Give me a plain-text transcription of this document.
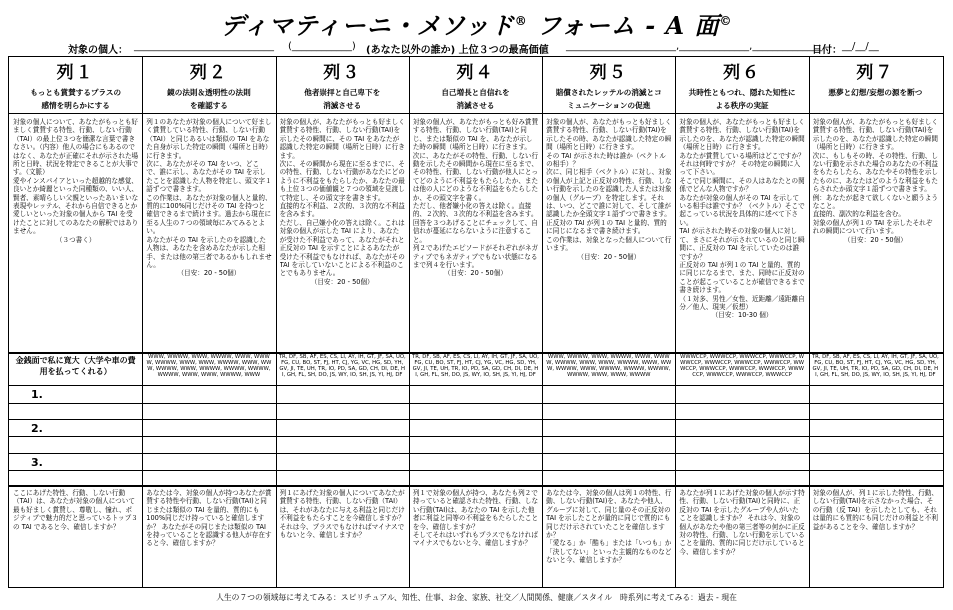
ディマティーニ・メソッド® フォーム - A 面©
対象の個人： ____________________________ (____________) (あなた以外の誰か) 上位３つの最高価値 ______________________,______________,______________
日付： __/__/__
列１
もっとも賞賛するプラスの
感情を明らかにする
対象の個人について、あなたがもっとも好ましく賞賛する特性、行動、しない行動（TAI）の最上位３つを簡潔な言葉で書きなさい。（内容）他人の場合にもあるのではなく、あなたが正確にそれが示された場所と日時、状況を特定できることが大事です。（文脈）
愛やインスパイアといった超越的な感覚、良いとか綺麗といった同種類の、いい人、賢者、素晴らしい父親といったあいまいな表現やレッテル、それから自信できるとか愛しいといった対象の個人から TAI を受けたことに対してのあなたの解釈ではありません。
（３つ書く）
ここにあげた特性、行動、しない行動（TAI）は、あなたが対象の個人について最も好ましく賞賛し、尊敬し、憧れ、ポジティブで魅力的だと思っているトップ３の TAI であると今、確信しますか？
列２
鏡の法則＆透明性の法則
を確認する
列１のあなたが対象の個人について好ましく賞賛している特性、行動、しない行動（TAI）と同じあるいは類似の TAI をあなた自身が示した特定の瞬間（場所と日時）に行きます。
次に、あなたがその TAI をいつ、どこで、誰に示し、あなたがその TAI を示したことを認識した人物を特定し、頭文字１語ずつで書きます。
この作業は、あなたが対象の個人と量的、質的に100%同じだけその TAI を持つと確信できるまで続けます。過去から現在に至る人生の７つの領域毎にみてみるとよい。
あなたがその TAI を示したのを認識した人物は、あなたを含めあなたが示した相手、または他の第三者であるかもしれません。
（目安：20 - 50個）
あなたは今、対象の個人が持つあなたが賞賛する特性や行動、しない行動(TAI)と同じまたは類似の TAI を量的、質的にも 100%同じだけ持っていると確信しますか？ あなたがその同じまたは類似の TAI を持っていることを認識する他人が存在すると今、確信しますか？
列３
他者崇拝と自己卑下を
消滅させる
対象の個人が、あなたがもっとも好ましく賞賛する特性、行動、しない行動(TAI)を示したその瞬間に、その TAI をあなたが認識した特定の瞬間（場所と日時）に行きます。
次に、その瞬間から現在に至るまでに、その特性、行動、しない行動があなたにどのように不利益をもたらしたか、あなたの最も上位３つの価値観と７つの領域を見渡して特定し、その頭文字を書きます。
直接的な不利益、２次的、３次的な不利益を含みます。
ただし、自己嫌小化の答えは除く。これは対象の個人が示した TAI により、あなたが受けた不利益であって、あなたがそれと正反対の TAI を示すことによるあなたが受けた不利益でもなければ、あなたがその TAI を示していないことによる不利益のことでもありません。
（目安：20 - 50個）
列１にあげた対象の個人についてあなたが賞賛する特性、行動、しない行動（TAI）は、それがあなたに与える利益と同じだけ不利益をもたらすことを今確信しますか？
それは今、プラスでもなければマイナスでもないと今、確信しますか？
列４
自己増長と自信れを
消滅させる
対象の個人が、あなたがもっとも好み賞賛する特性、行動、しない行動(TAI)と同じ、または類似の TAI を、あなたが示した時の瞬間（場所と日時）に行きます。
次に、あなたがその特性、行動、しない行動を示したその瞬間から現在に至るまで、その特性、行動、しない行動が他人にとってどのように不利益をもたらしたか、または他の人にどのような不利益をもたらしたか、その頭文字を書く。
ただし、他者嫌小化の答えは除く。直接的、２次的、３次的な不利益を含みます。
回答を３つあげることにチェックして、自信れが蔓延にならないように注意すること。
列２であげたエピソードがそれぞれがネガティブでもネガティブでもない状態になるまで列４を行います。
（目安：20 - 50個）
列１で対象の個人が持つ、あなたも列２で持っていると確認された特性、行動、しない行動(TAI)は、あなたの TAI を示した他者に利益と同等の不利益をもたらしたことを今、確信しますか？
そしてそれはいずれもプラスでもなければマイナスでもないと今、確信しますか？
列５
賠償されたレッテルの消滅とコ
ミュニケーションの促進
対象の個人が、あなたがもっとも好ましく賞賛する特性、行動、しない行動(TAI)を示したその時、あなたが認識した特定の瞬間（場所と日時）に行きます。
その TAI が示された時は誰か（ベクトルの相手）？
次に、同じ相手（ベクトル）に対し、対象の個人が上記と正反対の特性、行動、しない行動を示したのを認識した人または対象の個人（グループ）を特定します。それは、いつ、どこで誰に対して、そして誰が認識したか全頭文字１語ずつで書きます。正反対の TAI が列１の TAI と量的、質的に同じになるまで書き続けます。
この作業は、対象となった個人について行います。
（目安：20 - 50個）
あなたは今、対象の個人は列１の特性、行動、しない行動(TAI)を、あなたや他人、グループに対して、同じ量のその正反対の TAI を示したことが量的に同じで質的にも同じだけ示されていたことを確信しますか？
「愛なる」か「酷も」または「いつも」か「決してない」といった主観的なものなどないと今、確信しますか？
列６
共時性ともつれ、隠れた知性に
よる秩序の実証
対象の個人が、あなたがもっとも好ましく賞賛する特性、行動、しない行動(TAI)を示したのを、あなたが認識した特定の瞬間（場所と日時）に行きます。
あなたが賞賛している場所はどこですか？ それは何時ですか？ その特定の瞬間に入って下さい。
そこで同じ瞬間に、その人はあなたとの関係でどんな人物ですか？
あなたが対象の個人がその TAI を示している相手は誰ですか？（ベクトル）そこで起こっている状況を具体的に述べて下さい。
TAI が示された時その対象の個人に対して、まさにそれが示されているのと同じ瞬間に、正反対の TAI を示していたのは誰ですか？
正反対の TAI が列１の TAI と量的、質的に同じになるまで、また、同時に正反対のことが起こっていることが確信できるまで書き続けます。
（１対多、男性／女性、近距離／遠距離自分／他人、現実／仮想）
（目安：10-30 個）
あなたが列１にあげた対象の個人が示す特性、行動、しない行動(TAI)と同時に、正反対の TAI を示したグループや人がいたことを認識しますか？ それは今、対象の個人があなたや他の第三者等の何かに正反対の特性、行動、しない行動を示していることを量的、質的に同じだけ示していると今、確信しますか？
列７
悪夢と幻想/妄想の源を断つ
対象の個人が、あなたがもっとも好ましく賞賛する特性、行動、しない行動(TAI)を示したのを、あなたが認識した特定の瞬間（場所と日時）に行きます。
次に、もしもその時、その特性、行動、しない行動を示された場合のあなたの不利益をもたらしたら、あなたやその特性を示したものに、あなたはどのような利益をもたらされたか頭文字１語ずつで書きます。
例：あなたが起きて欲しくないと願うようなこと。
直接的、副次的な利益を含む。
対象の個人が列１の TAI を示したそれぞれの瞬間について行います。
（目安：20 - 50個）
対象の個人が、列１に示した特性、行動、しない行動(TAI)を示さなかった場合、その行動（反 TAI）を示したとしても、それは量的にも質的にも同じだけの利益と不利益があることを今、確信しますか？
金銭面で私に寛大（大学や車の費用を払ってくれる）
WWW, WWWW, WWW, WWWW, WWW, WWWW, WWWW, WWW, WWW, WWWW, WWW, WWW, WWWW, WWW, WWWW, WWWW, WWWW, WWWW, WWW, WWW, WWWW, WWW
TR, DF, SB, AF, ES, CS, LI, AY, IH, GT, JF, SA, UO, FG, CU, BO, ST, FJ, HT, CJ, YG, VC, HG, SD, YH, GV, JI, TE, UH, TR, IO, PD, SA, GD, CH, DI, DE, HI, GH, FL, SH, DO, JS, WY, IO, SH, JS, YI, HJ, DF
TR, DF, SB, AF, ES, CS, LI, AY, IH, GT, JF, SA, UO, FG, CU, BO, ST, FJ, HT, CJ, YG, VC, HG, SD, YH, GV, JI, TE, UH, TR, IO, PD, SA, GD, CH, DI, DE, HI, GH, FL, SH, DO, JS, WY, IO, SH, JS, YI, HJ, DF
WWW, WWWW, WWW, WWWW, WWW, WWWW, WWWW, WWW, WWW, WWWW, WWW, WWW, WWWW, WWW, WWWW, WWWW, WWWW, WWWW, WWW, WWW, WWWW
WWWCCP, WWWCCP, WWWCCP, WWWCCP, WWWCCP, WWWCCP, WWWCCP, WWWCCP, WWWCCP, WWWCCP, WWWCCP, WWWCCP, WWWCCP, WWWCCP, WWWCCP, WWWCCP
TR, DF, SB, AF, ES, CS, LI, AY, IH, GT, JF, SA, UO, FG, CU, BO, ST, FJ, HT, CJ, YG, VC, HG, SD, YH, GV, JI, TE, UH, TR, IO, PD, SA, GD, CH, DI, DE, HI, GH, FL, SH, DO, JS, WY, IO, SH, JS, YI, HJ, DF
1.
2.
3.
人生の７つの領域毎に考えてみる：スピリチュアル、知性、仕事、お金、家族、社交／人間関係、健康／スタイル　時系列に考えてみる：過去 - 現在
